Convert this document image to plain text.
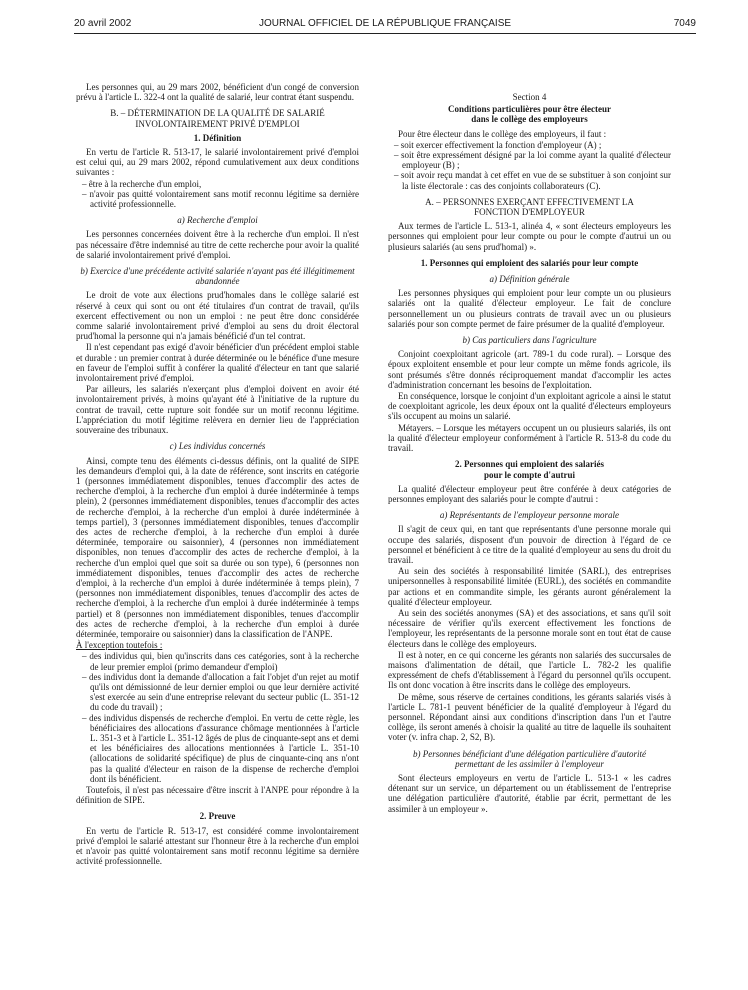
20 avril 2002	JOURNAL OFFICIEL DE LA RÉPUBLIQUE FRANÇAISE	7049

Les personnes qui, au 29 mars 2002, bénéficient d'un congé de conversion prévu à l'article L. 322-4 ont la qualité de salarié, leur contrat étant suspendu.

B. – DÉTERMINATION DE LA QUALITÉ DE SALARIÉ INVOLONTAIREMENT PRIVÉ D'EMPLOI

1. Définition

En vertu de l'article R. 513-17, le salarié involontairement privé d'emploi est celui qui, au 29 mars 2002, répond cumulativement aux deux conditions suivantes :

– être à la recherche d'un emploi,
– n'avoir pas quitté volontairement sans motif reconnu légitime sa dernière activité professionnelle.

a) Recherche d'emploi

Les personnes concernées doivent être à la recherche d'un emploi. Il n'est pas nécessaire d'être indemnisé au titre de cette recherche pour avoir la qualité de salarié involontairement privé d'emploi.

b) Exercice d'une précédente activité salariée n'ayant pas été illégitimement abandonnée

Le droit de vote aux élections prud'homales dans le collège salarié est réservé à ceux qui sont ou ont été titulaires d'un contrat de travail, qu'ils exercent effectivement ou non un emploi : ne peut être donc considérée comme salarié involontairement privé d'emploi au sens du droit électoral prud'homal la personne qui n'a jamais bénéficié d'un tel contrat.

Il n'est cependant pas exigé d'avoir bénéficier d'un précédent emploi stable et durable : un premier contrat à durée déterminée ou le bénéfice d'une mesure en faveur de l'emploi suffit à conférer la qualité d'électeur en tant que salarié involontairement privé d'emploi.

Par ailleurs, les salariés n'exerçant plus d'emploi doivent en avoir été involontairement privés, à moins qu'ayant été à l'initiative de la rupture du contrat de travail, cette rupture soit fondée sur un motif reconnu légitime. L'appréciation du motif légitime relèvera en dernier lieu de l'appréciation souveraine des tribunaux.

c) Les individus concernés

Ainsi, compte tenu des éléments ci-dessus définis, ont la qualité de SIPE les demandeurs d'emploi qui, à la date de référence, sont inscrits en catégorie 1 (personnes immédiatement disponibles, tenues d'accomplir des actes de recherche d'emploi, à la recherche d'un emploi à durée indéterminée à temps plein), 2 (personnes immédiatement disponibles, tenues d'accomplir des actes de recherche d'emploi, à la recherche d'un emploi à durée indéterminée à temps partiel), 3 (personnes immédiatement disponibles, tenues d'accomplir des actes de recherche d'emploi, à la recherche d'un emploi à durée déterminée, temporaire ou saisonnier), 4 (personnes non immédiatement disponibles, non tenues d'accomplir des actes de recherche d'emploi, à la recherche d'un emploi quel que soit sa durée ou son type), 6 (personnes non immédiatement disponibles, tenues d'accomplir des actes de recherche d'emploi, à la recherche d'un emploi à durée indéterminée à temps plein), 7 (personnes non immédiatement disponibles, tenues d'accomplir des actes de recherche d'emploi, à la recherche d'un emploi à durée indéterminée à temps partiel) et 8 (personnes non immédiatement disponibles, tenues d'accomplir des actes de recherche d'emploi, à la recherche d'un emploi à durée déterminée, temporaire ou saisonnier) dans la classification de l'ANPE.

À l'exception toutefois :

– des individus qui, bien qu'inscrits dans ces catégories, sont à la recherche de leur premier emploi (primo demandeur d'emploi)
– des individus dont la demande d'allocation a fait l'objet d'un rejet au motif qu'ils ont démissionné de leur dernier emploi ou que leur dernière activité s'est exercée au sein d'une entreprise relevant du secteur public (L. 351-12 du code du travail) ;
– des individus dispensés de recherche d'emploi. En vertu de cette règle, les bénéficiaires des allocations d'assurance chômage mentionnées à l'article L. 351-3 et à l'article L. 351-12 âgés de plus de cinquante-sept ans et demi et les bénéficiaires des allocations mentionnées à l'article L. 351-10 (allocations de solidarité spécifique) de plus de cinquante-cinq ans n'ont pas la qualité d'électeur en raison de la dispense de recherche d'emploi dont ils bénéficient.

Toutefois, il n'est pas nécessaire d'être inscrit à l'ANPE pour répondre à la définition de SIPE.

2. Preuve

En vertu de l'article R. 513-17, est considéré comme involontairement privé d'emploi le salarié attestant sur l'honneur être à la recherche d'un emploi et n'avoir pas quitté volontairement sans motif reconnu légitime sa dernière activité professionnelle.

Section 4

Conditions particulières pour être électeur dans le collège des employeurs

Pour être électeur dans le collège des employeurs, il faut :

– soit exercer effectivement la fonction d'employeur (A) ;
– soit être expressément désigné par la loi comme ayant la qualité d'électeur employeur (B) ;
– soit avoir reçu mandat à cet effet en vue de se substituer à son conjoint sur la liste électorale : cas des conjoints collaborateurs (C).

A. – PERSONNES EXERÇANT EFFECTIVEMENT LA FONCTION D'EMPLOYEUR

Aux termes de l'article L. 513-1, alinéa 4, « sont électeurs employeurs les personnes qui emploient pour leur compte ou pour le compte d'autrui un ou plusieurs salariés (au sens prud'homal) ».

1. Personnes qui emploient des salariés pour leur compte

a) Définition générale

Les personnes physiques qui emploient pour leur compte un ou plusieurs salariés ont la qualité d'électeur employeur. Le fait de conclure personnellement un ou plusieurs contrats de travail avec un ou plusieurs salariés pour son compte permet de faire présumer de la qualité d'employeur.

b) Cas particuliers dans l'agriculture

Conjoint coexploitant agricole (art. 789-1 du code rural). – Lorsque des époux exploitent ensemble et pour leur compte un même fonds agricole, ils sont présumés s'être donnés réciproquement mandat d'accomplir les actes d'administration concernant les besoins de l'exploitation.

En conséquence, lorsque le conjoint d'un exploitant agricole a ainsi le statut de coexploitant agricole, les deux époux ont la qualité d'électeurs employeurs s'ils occupent au moins un salarié.

Métayers. – Lorsque les métayers occupent un ou plusieurs salariés, ils ont la qualité d'électeur employeur conformément à l'article R. 513-8 du code du travail.

2. Personnes qui emploient des salariés pour le compte d'autrui

La qualité d'électeur employeur peut être conférée à deux catégories de personnes employant des salariés pour le compte d'autrui :

a) Représentants de l'employeur personne morale

Il s'agit de ceux qui, en tant que représentants d'une personne morale qui occupe des salariés, disposent d'un pouvoir de direction à l'égard de ce personnel et bénéficient à ce titre de la qualité d'employeur au sens du droit du travail.

Au sein des sociétés à responsabilité limitée (SARL), des entreprises unipersonnelles à responsabilité limitée (EURL), des sociétés en commandite par actions et en commandite simple, les gérants auront généralement la qualité d'électeur employeur.

Au sein des sociétés anonymes (SA) et des associations, et sans qu'il soit nécessaire de vérifier qu'ils exercent effectivement les fonctions de l'employeur, les représentants de la personne morale sont en tout état de cause électeurs dans le collège des employeurs.

Il est à noter, en ce qui concerne les gérants non salariés des succursales de maisons d'alimentation de détail, que l'article L. 782-2 les qualifie expressément de chefs d'établissement à l'égard du personnel qu'ils occupent. Ils ont donc vocation à être inscrits dans le collège des employeurs.

De même, sous réserve de certaines conditions, les gérants salariés visés à l'article L. 781-1 peuvent bénéficier de la qualité d'employeur à l'égard du personnel. Répondant ainsi aux conditions d'inscription dans l'un et l'autre collège, ils seront amenés à choisir la qualité au titre de laquelle ils souhaitent voter (v. infra chap. 2, S2, B).

b) Personnes bénéficiant d'une délégation particulière d'autorité permettant de les assimiler à l'employeur

Sont électeurs employeurs en vertu de l'article L. 513-1 « les cadres détenant sur un service, un département ou un établissement de l'entreprise une délégation particulière d'autorité, établie par écrit, permettant de les assimiler à un employeur ».
